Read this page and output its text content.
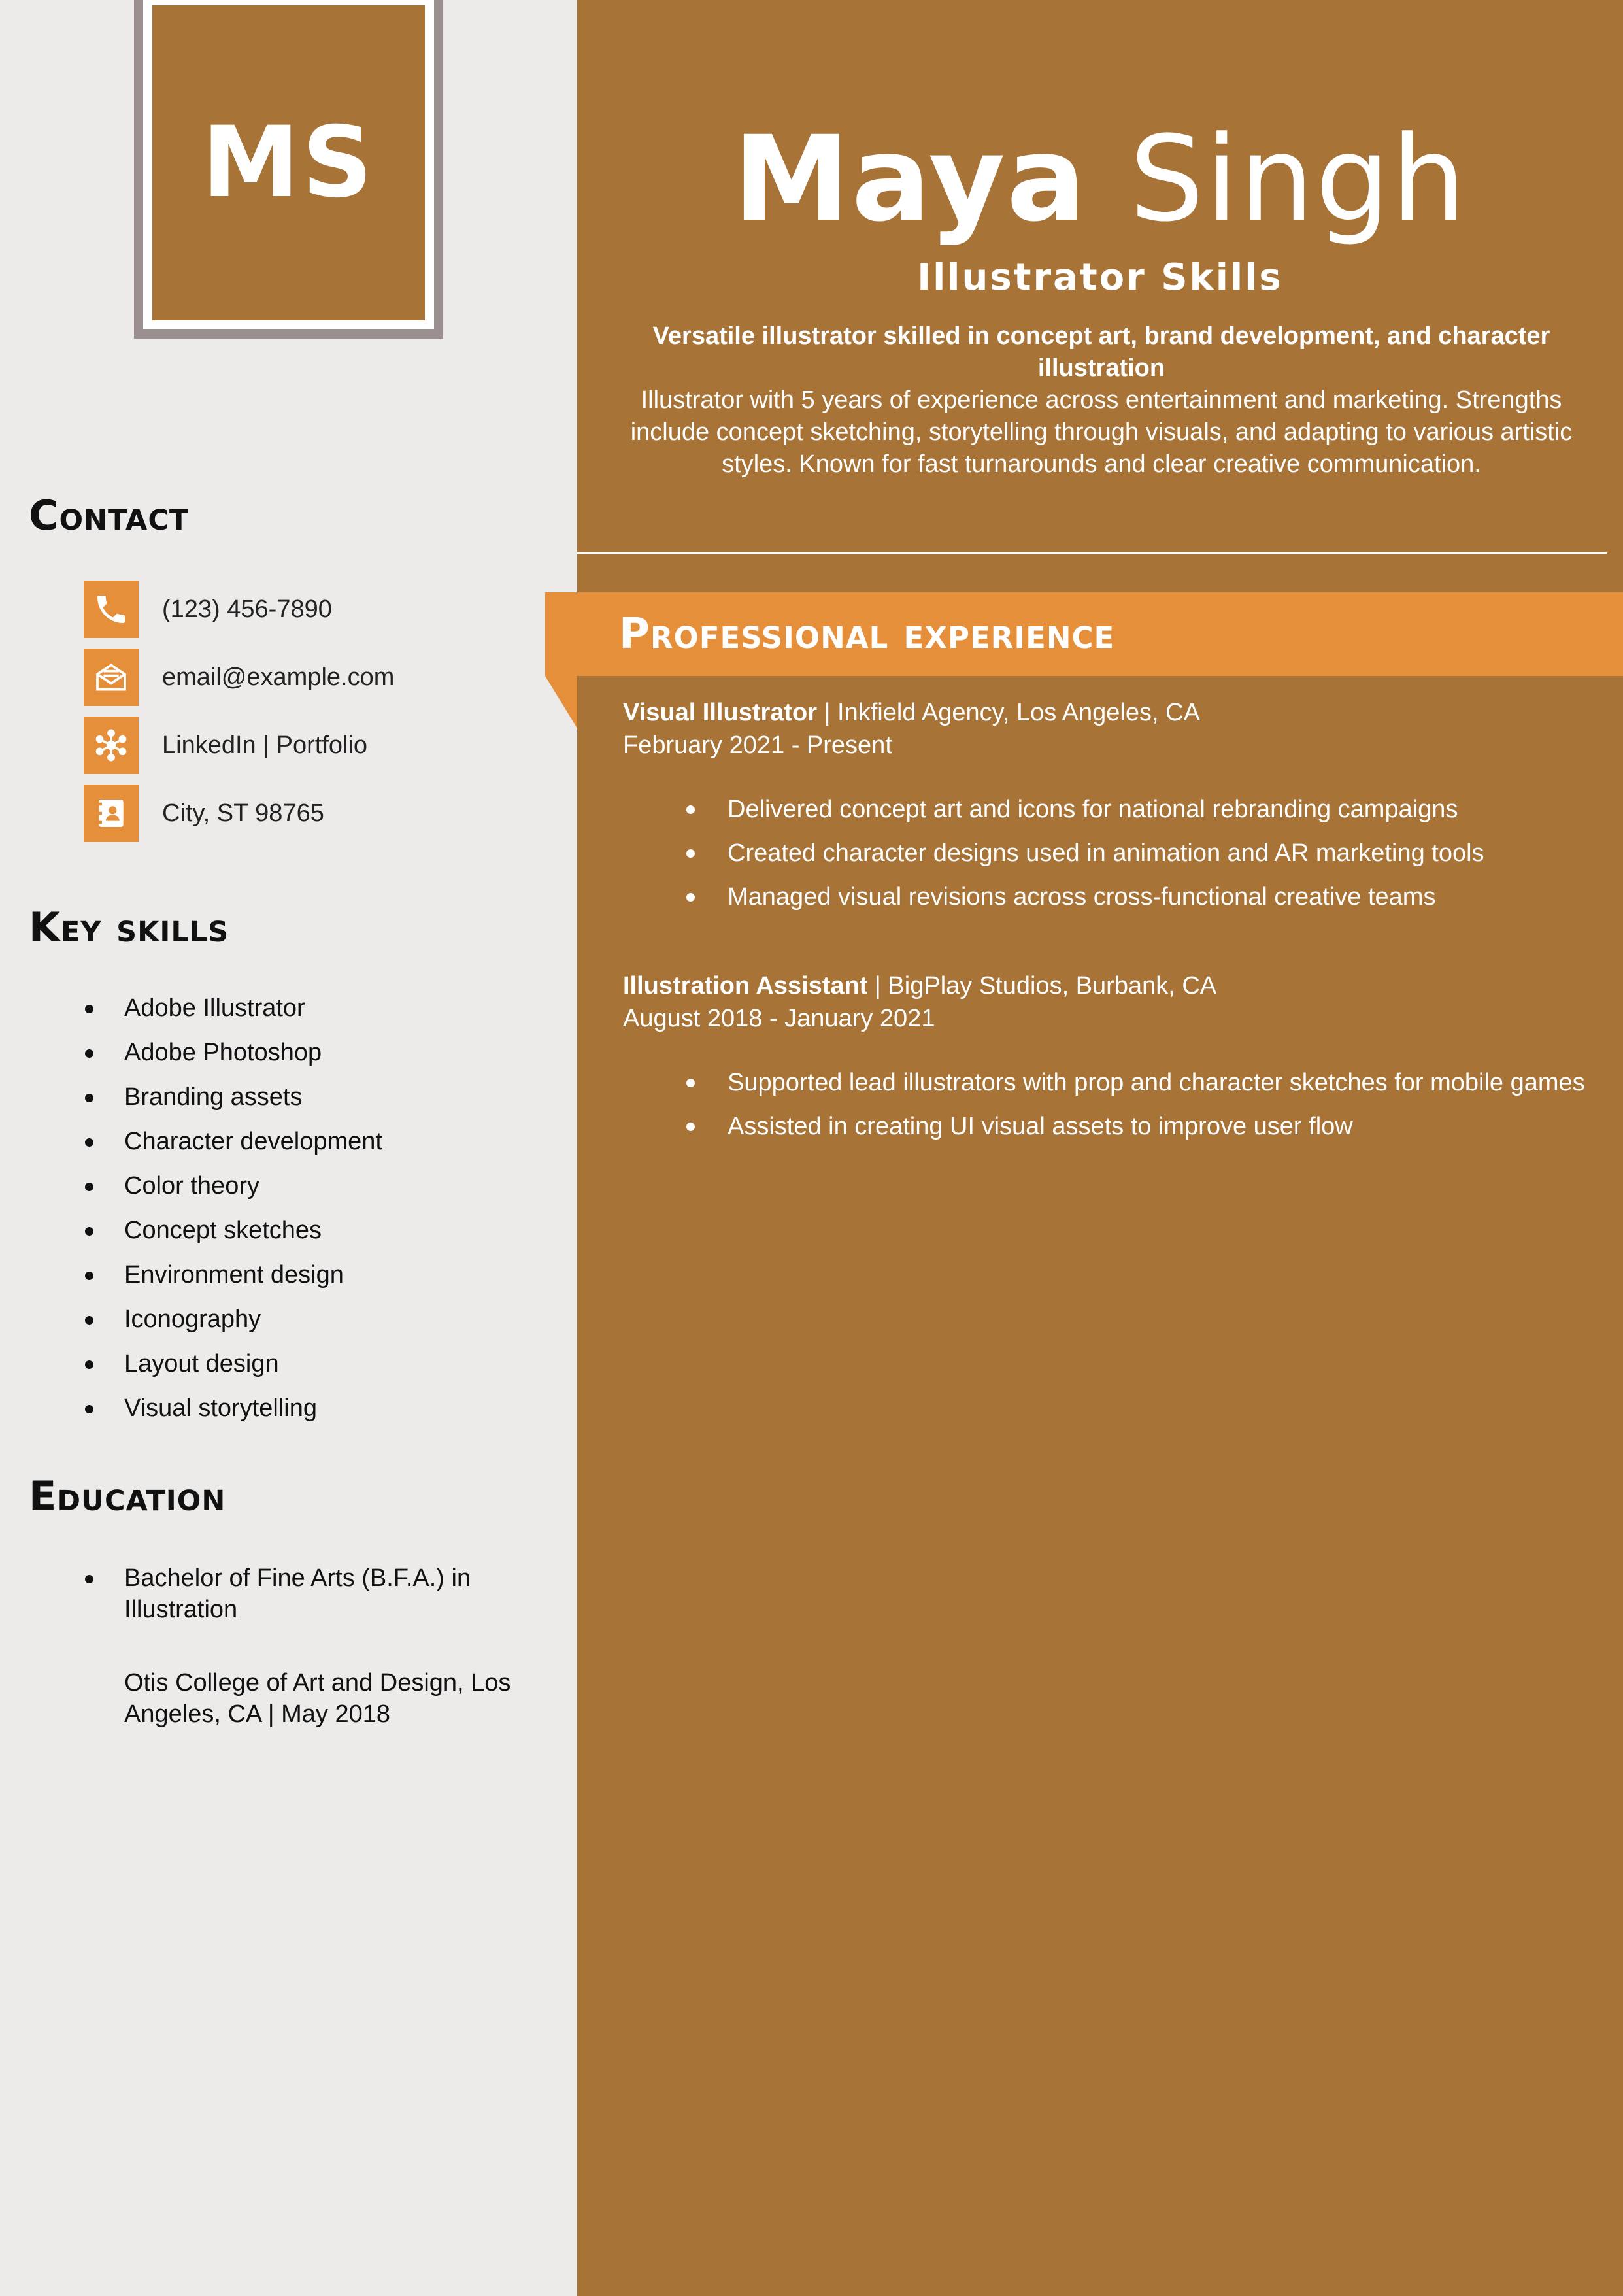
MS
Contact
(123) 456-7890
email@example.com
LinkedIn | Portfolio
City, ST 98765
Key skills
Adobe Illustrator
Adobe Photoshop
Branding assets
Character development
Color theory
Concept sketches
Environment design
Iconography
Layout design
Visual storytelling
Education
Bachelor of Fine Arts (B.F.A.) in Illustration

Otis College of Art and Design, Los Angeles, CA | May 2018

Maya Singh

Illustrator Skills

Versatile illustrator skilled in concept art, brand development, and character illustration

Illustrator with 5 years of experience across entertainment and marketing. Strengths include concept sketching, storytelling through visuals, and adapting to various artistic styles. Known for fast turnarounds and clear creative communication.

Professional experience
Visual Illustrator | Inkfield Agency, Los Angeles, CA
February 2021 - Present
Delivered concept art and icons for national rebranding campaigns
Created character designs used in animation and AR marketing tools
Managed visual revisions across cross-functional creative teams
Illustration Assistant | BigPlay Studios, Burbank, CA
August 2018 - January 2021
Supported lead illustrators with prop and character sketches for mobile games
Assisted in creating UI visual assets to improve user flow
